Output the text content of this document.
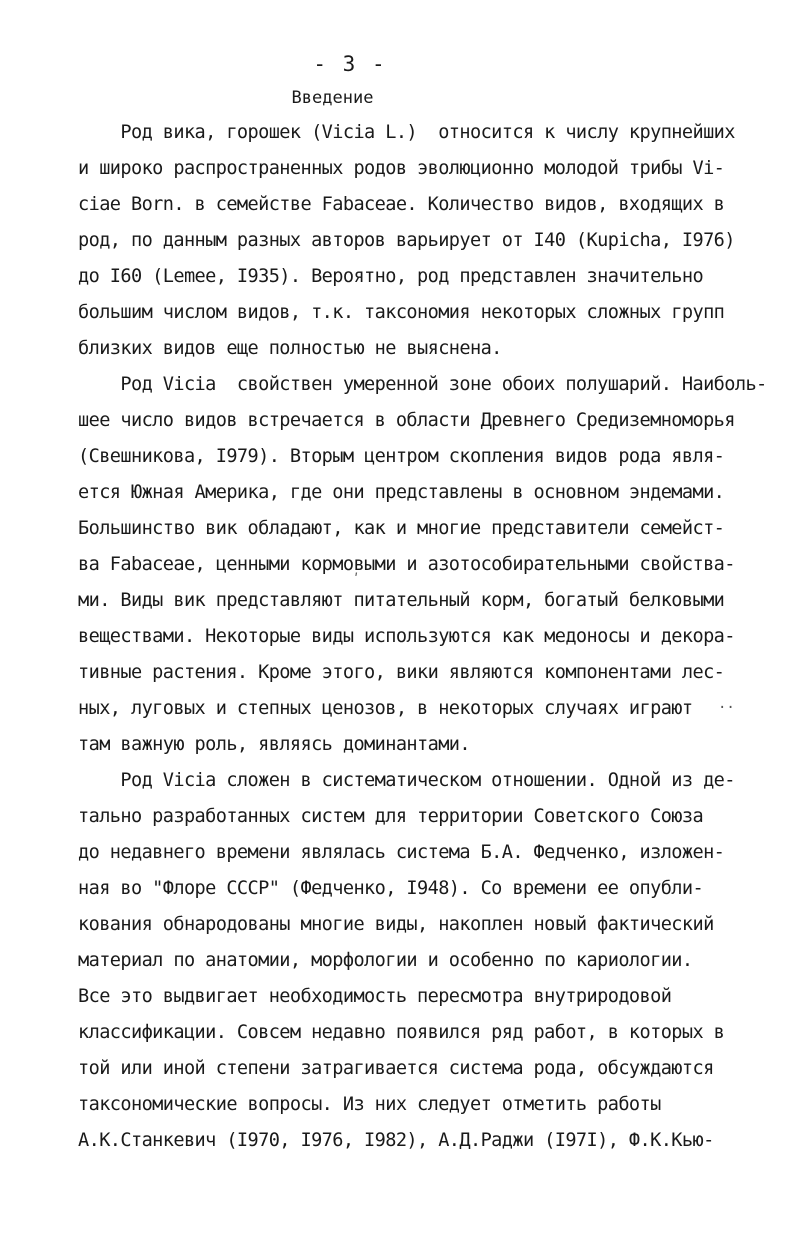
- 3 -
Введение
Род вика, горошек (Vicia L.)  относится к числу крупнейших
и широко распространенных родов эволюционно молодой трибы Vi-
ciae Born. в семействе Fabaceae. Количество видов, входящих в
род, по данным разных авторов варьирует от I40 (Kupicha, I976)
до I60 (Lemee, I935). Вероятно, род представлен значительно
большим числом видов, т.к. таксономия некоторых сложных групп
близких видов еще полностью не выяснена.
Род Vicia  свойствен умеренной зоне обоих полушарий. Наиболь-
шее число видов встречается в области Древнего Средиземноморья
(Свешникова, I979). Вторым центром скопления видов рода явля-
ется Южная Америка, где они представлены в основном эндемами.
Большинство вик обладают, как и многие представители семейст-
ва Fabaceae, ценными кормовыми и азотособирательными свойства-
ми. Виды вик представляют питательный корм, богатый белковыми
веществами. Некоторые виды используются как медоносы и декора-
тивные растения. Кроме этого, вики являются компонентами лес-
ных, луговых и степных ценозов, в некоторых случаях играют
там важную роль, являясь доминантами.
Род Vicia сложен в систематическом отношении. Одной из де-
тально разработанных систем для территории Советского Союза
до недавнего времени являлась система Б.А. Федченко, изложен-
ная во "Флоре СССР" (Федченко, I948). Со времени ее опубли-
кования обнародованы многие виды, накоплен новый фактический
материал по анатомии, морфологии и особенно по кариологии.
Все это выдвигает необходимость пересмотра внутриродовой
классификации. Совсем недавно появился ряд работ, в которых в
той или иной степени затрагивается система рода, обсуждаются
таксономические вопросы. Из них следует отметить работы
А.К.Станкевич (I970, I976, I982), А.Д.Раджи (I97I), Ф.К.Кью-
ʹ
··
